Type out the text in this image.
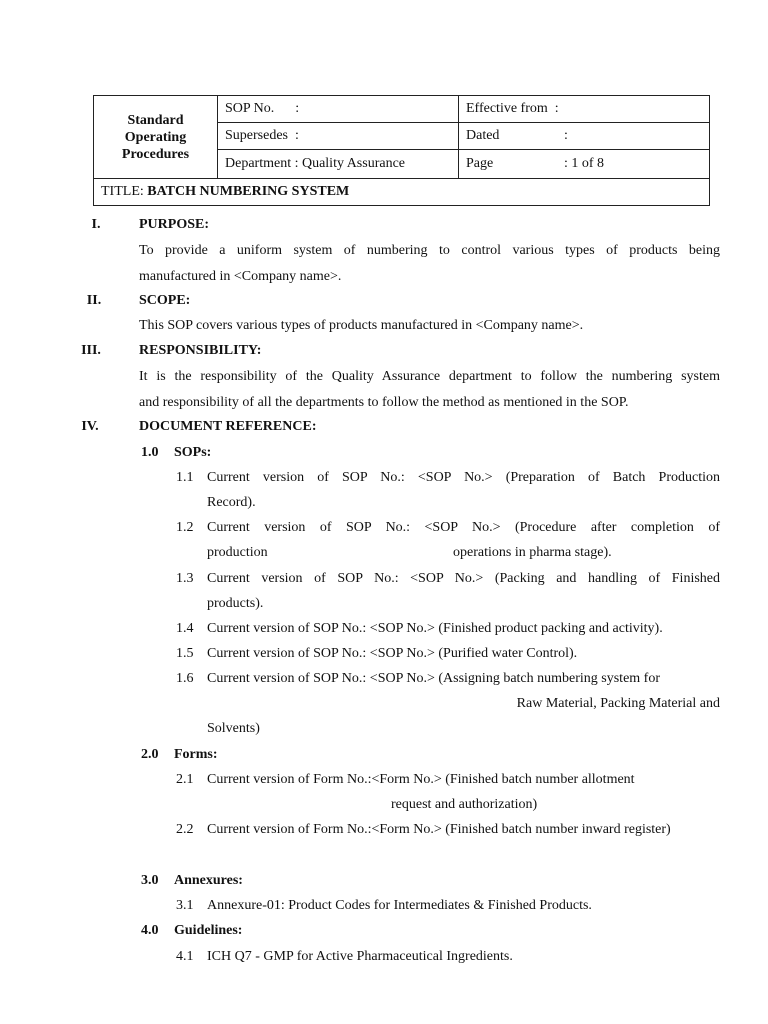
Standard
Operating
Procedures	SOP No.      :	Effective from  :
	Supersedes  :	Dated :
	Department : Quality Assurance	Page : 1 of 8
TITLE: BATCH NUMBERING SYSTEM		
I.	PURPOSE:
To provide a uniform system of numbering to control various types of products being
manufactured in <Company name>.
II.	SCOPE:
This SOP covers various types of products manufactured in <Company name>.
III.	RESPONSIBILITY:
It is the responsibility of the Quality Assurance department to follow the numbering system
and responsibility of all the departments to follow the method as mentioned in the SOP.
IV.	DOCUMENT REFERENCE:
1.0 SOPs:
1.1 Current version of SOP No.: <SOP No.> (Preparation of Batch Production
Record).
1.2 Current version of SOP No.: <SOP No.> (Procedure after completion of
production	operations in pharma stage).
1.3 Current version of SOP No.: <SOP No.> (Packing and handling of Finished
products).
1.4 Current version of SOP No.: <SOP No.> (Finished product packing and activity).
1.5 Current version of SOP No.: <SOP No.> (Purified water Control).
1.6 Current version of SOP No.: <SOP No.> (Assigning batch numbering system for
Raw Material, Packing Material and
Solvents)
2.0 Forms:
2.1 Current version of Form No.:<Form No.> (Finished batch number allotment
request and authorization)
2.2 Current version of Form No.:<Form No.> (Finished batch number inward register)
3.0 Annexures:
3.1 Annexure-01: Product Codes for Intermediates & Finished Products.
4.0 Guidelines:
4.1 ICH Q7 - GMP for Active Pharmaceutical Ingredients.
